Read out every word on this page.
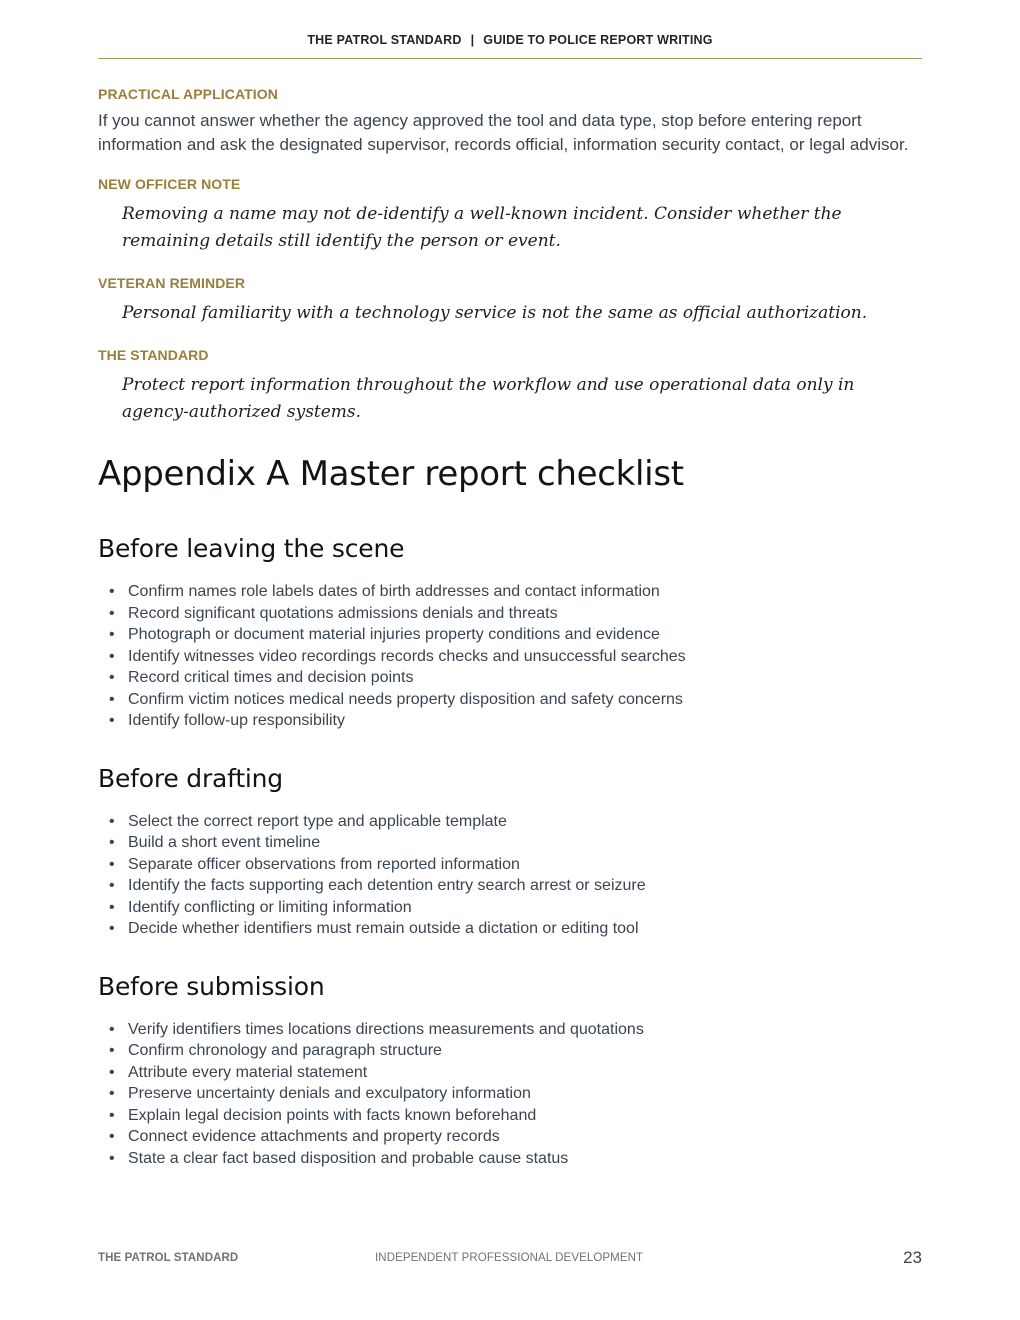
THE PATROL STANDARD | GUIDE TO POLICE REPORT WRITING

PRACTICAL APPLICATION

If you cannot answer whether the agency approved the tool and data type, stop before entering report information and ask the designated supervisor, records official, information security contact, or legal advisor.

NEW OFFICER NOTE

Removing a name may not de-identify a well-known incident. Consider whether the remaining details still identify the person or event.

VETERAN REMINDER

Personal familiarity with a technology service is not the same as official authorization.

THE STANDARD

Protect report information throughout the workflow and use operational data only in agency-authorized systems.

Appendix A Master report checklist
Before leaving the scene
• Confirm names role labels dates of birth addresses and contact information
• Record significant quotations admissions denials and threats
• Photograph or document material injuries property conditions and evidence
• Identify witnesses video recordings records checks and unsuccessful searches
• Record critical times and decision points
• Confirm victim notices medical needs property disposition and safety concerns
• Identify follow-up responsibility
Before drafting
• Select the correct report type and applicable template
• Build a short event timeline
• Separate officer observations from reported information
• Identify the facts supporting each detention entry search arrest or seizure
• Identify conflicting or limiting information
• Decide whether identifiers must remain outside a dictation or editing tool
Before submission
• Verify identifiers times locations directions measurements and quotations
• Confirm chronology and paragraph structure
• Attribute every material statement
• Preserve uncertainty denials and exculpatory information
• Explain legal decision points with facts known beforehand
• Connect evidence attachments and property records
• State a clear fact based disposition and probable cause status
THE PATROL STANDARD	INDEPENDENT PROFESSIONAL DEVELOPMENT	23
